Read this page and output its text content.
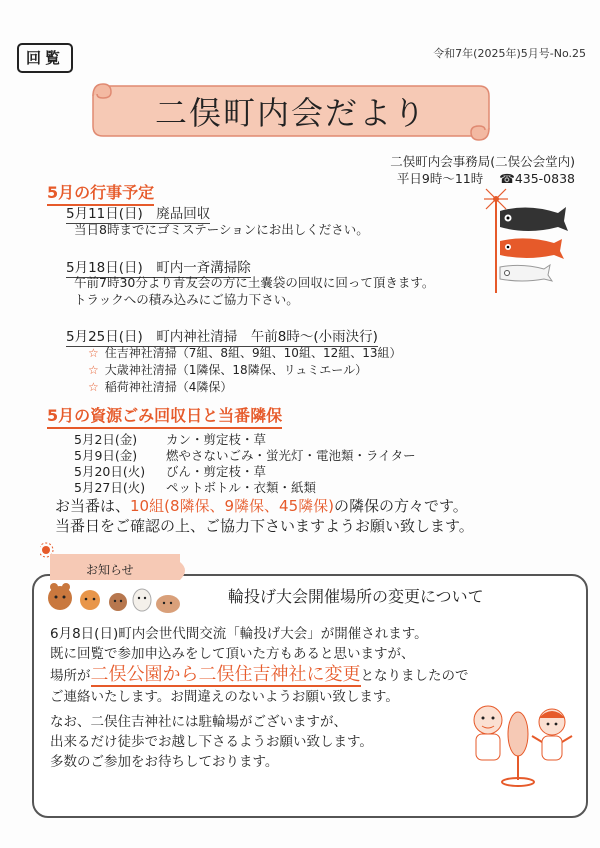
回覧	令和7年(2025年)5月号-No.25
二俣町内会だより
二俣町内会事務局(二俣公会堂内)
平日9時～11時 ☎435-0838
5月の行事予定
5月11日(日)　廃品回収
当日8時までにゴミステーションにお出しください。
5月18日(日)　町内一斉溝掃除
午前7時30分より青友会の方に土嚢袋の回収に回って頂きます。
トラックへの積み込みにご協力下さい。
5月25日(日)　町内神社清掃　午前8時～(小雨決行)
☆ 住吉神社清掃（7組、8組、9組、10組、12組、13組）
☆ 大歳神社清掃（1隣保、18隣保、リュミエール）
☆ 稲荷神社清掃（4隣保）
5月の資源ごみ回収日と当番隣保
5月2日(金) カン・剪定枝・草
5月9日(金) 燃やさないごみ・蛍光灯・電池類・ライター
5月20日(火) びん・剪定枝・草
5月27日(火) ペットボトル・衣類・紙類
お当番は、10組(8隣保、9隣保、45隣保)の隣保の方々です。
当番日をご確認の上、ご協力下さいますようお願い致します。
お知らせ
輪投げ大会開催場所の変更について
6月8日(日)町内会世代間交流「輪投げ大会」が開催されます。
既に回覧で参加申込みをして頂いた方もあると思いますが、
場所が二俣公園から二俣住吉神社に変更となりましたので
ご連絡いたします。お間違えのないようお願い致します。
なお、二俣住吉神社には駐輪場がございますが、
出来るだけ徒歩でお越し下さるようお願い致します。
多数のご参加をお待ちしております。
